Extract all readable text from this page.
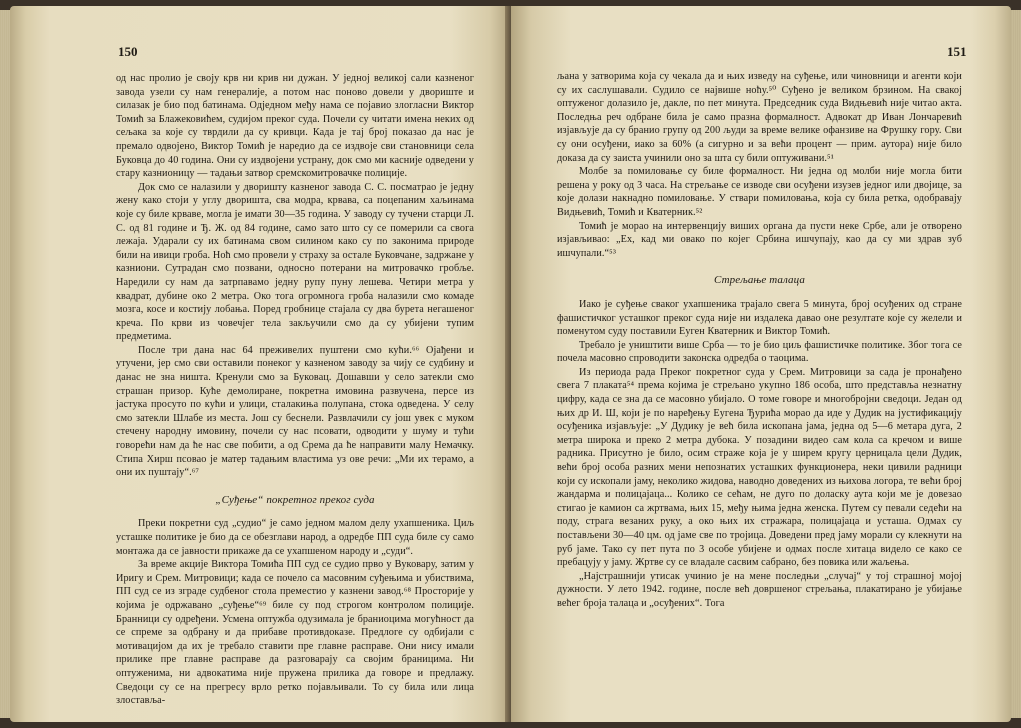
150

од нас пролио је своју крв ни крив ни дужан. У једној великој сали казненог завода узели су нам генералије, а потом нас поново довели у двориште и силазак је био под батинама. Одједном међу нама се појавио злогласни Виктор Томић за Блажековићем, судијом преког суда. Почели су читати имена неких од сељака за које су тврдили да су кривци. Када је тај број показао да нас је премало одвојено, Виктор Томић је наредио да се издвоје сви становници села Буковца до 40 година. Они су издвојени устрану, док смо ми касније одведени у стару казнионицу — тадањи затвор сремскомитровачке полиције.

Док смо се налазили у дворишту казненог завода С. С. посматрао је једну жену како стоји у углу дворишта, сва модра, крвава, са поцепаним хаљинама које су биле крваве, могла је имати 30—35 година. У заводу су тучени старци Л. С. од 81 године и Ђ. Ж. од 84 године, само зато што су се померили са свога лежаја. Ударали су их батинама свом силином како су по законима природе били на ивици гроба. Ноћ смо провели у страху за остале Буковчане, задржане у казниони. Сутрадан смо позвани, односно потерани на митровачко гробље. Наредили су нам да затрпавамо једну рупу пуну лешева. Четири метра у квадрат, дубине око 2 метра. Око тога огромнога гроба налазили смо комаде мозга, косе и костију лобања. Поред гробнице стајала су два бурета негашеног креча. По крви из човечјег тела закључили смо да су убијени тупим предметима.

После три дана нас 64 преживелих пуштени смо кући.⁶⁶ Ојађени и утучени, јер смо сви оставили понеког у казненом заводу за чију се судбину и данас не зна ништа. Кренули смо за Буковац. Дошавши у село затекли смо страшан призор. Куће демолиране, покретна имовина развучена, персе из јастука просуто по кући и улици, сталакиња полупана, стока одведена. У селу смо затекли Шлабе из места. Још су беснели. Развлачили су још увек с муком стечену народну имовину, почели су нас псовати, одводити у шуму и тући говорећи нам да ће нас све побити, а од Срема да ће направити малу Немачку. Стипа Хирш псовао је матер тадањим властима уз ове речи: „Ми их терамо, а они их пуштају“.⁶⁷

„Суђење“ покретног преког суда

Преки покретни суд „судио“ је само једном малом делу ухапшеника. Циљ усташке политике је био да се обезглави народ, а одредбе ПП суда биле су само монтажа да се јавности прикаже да се ухапшеном народу и „суди“.

За време акције Виктора Томића ПП суд се судио прво у Вуковару, затим у Иригу и Срем. Митровици; када се почело са масовним суђењима и убиствима, ПП суд се из зграде судбеног стола преместио у казнени завод.⁶⁸ Просторије у којима је одржавано „суђење“⁶⁹ биле су под строгом контролом полиције. Бранници су одређени. Усмена оптужба одузимала је браниоцима могућност да се спреме за одбрану и да прибаве противдоказе. Предлоге су одбијали с мотивацијом да их је требало ставити пре главне расправе. Они нису имали прилике пре главне расправе да разговарају са својим браницима. Ни оптуженима, ни адвокатима није пружена прилика да говоре и предлажу. Сведоци су се на прегресу врло ретко појављивали. То су била или лица злоставља-

151

љана у затворима која су чекала да и њих изведу на суђење, или чиновници и агенти који су их саслушавали. Судило се највише ноћу.⁵⁰ Суђено је великом брзином. На свакој оптуженог долазило је, дакле, по пет минута. Председник суда Видњевић није читао акта. Последња реч одбране била је само празна формалност. Адвокат др Иван Лончаревић изјављује да су бранио групу од 200 људи за време велике офанзиве на Фрушку гору. Сви су они осуђени, иако за 60% (а сигурно и за већи процент — прим. аутора) није било доказа да су заиста учинили оно за шта су били оптуживани.⁵¹

Молбе за помиловање су биле формалност. Ни једна од молби није могла бити решена у року од 3 часа. На стрељање се изводе сви осуђени изузев једног или двојице, за које долази накнадно помиловање. У ствари помиловања, која су била ретка, одобравају Видњевић, Томић и Кватерник.⁵²

Томић је морао на интервенцију виших органа да пусти неке Србе, али је отворено изјављивао: „Ех, кад ми овако по којег Србина ишчупају, као да су ми здрав зуб ишчупали.“⁵³

Стрељање талаца

Иако је суђење сваког ухапшеника трајало свега 5 минута, број осуђених од стране фашистичког усташког преког суда није ни издалека давао оне резултате које су желели и поменутом суду поставили Еуген Кватерник и Виктор Томић.

Требало је уништити више Срба — то је био циљ фашистичке политике. Због тога се почела масовно спроводити законска одредба о таоцима.

Из периода рада Преког покретног суда у Срем. Митровици за сада је пронађено свега 7 плаката⁵⁴ према којима је стрељано укупно 186 особа, што представља незнатну цифру, када се зна да се масовно убијало. О томе говоре и многобројни сведоци. Један од њих др И. Ш, који је по наређењу Еугена Ђурића морао да иде у Дудик на јустификацију осуђеника изјављује: „У Дудику је већ била ископана јама, једна од 5—6 метара дуга, 2 метра широка и преко 2 метра дубока. У позадини видео сам кола са кречом и више радника. Присутно је било, осим страже која је у ширем кругу церницала цели Дудик, већи број особа разних мени непознатих усташких функционера, неки цивили радници који су ископали јаму, неколико жидова, наводно доведених из њихова логора, те већи број жандарма и полицајаца... Колико се сећам, не дуго по доласку аута који ме је довезао стигао је камион са жртвама, њих 15, међу њима једна женска. Путем су певали седећи на поду, страга везаних руку, а око њих их стражара, полицајаца и усташа. Одмах су постављени 30—40 цм. од јаме све по тројица. Доведени пред јаму морали су клекнути на руб јаме. Тако су пет пута по 3 особе убијене и одмах после хитаца видело се како се пребацују у јаму. Жртве су се владале сасвим сабрано, без повика или жаљења.

„Најстрашнији утисак учинио је на мене последњи „случај“ у тој страшној мојој дужности. У лето 1942. године, после већ довршеног стрељања, плакатирано је убијање већег броја талаца и „осуђених“. Тога
